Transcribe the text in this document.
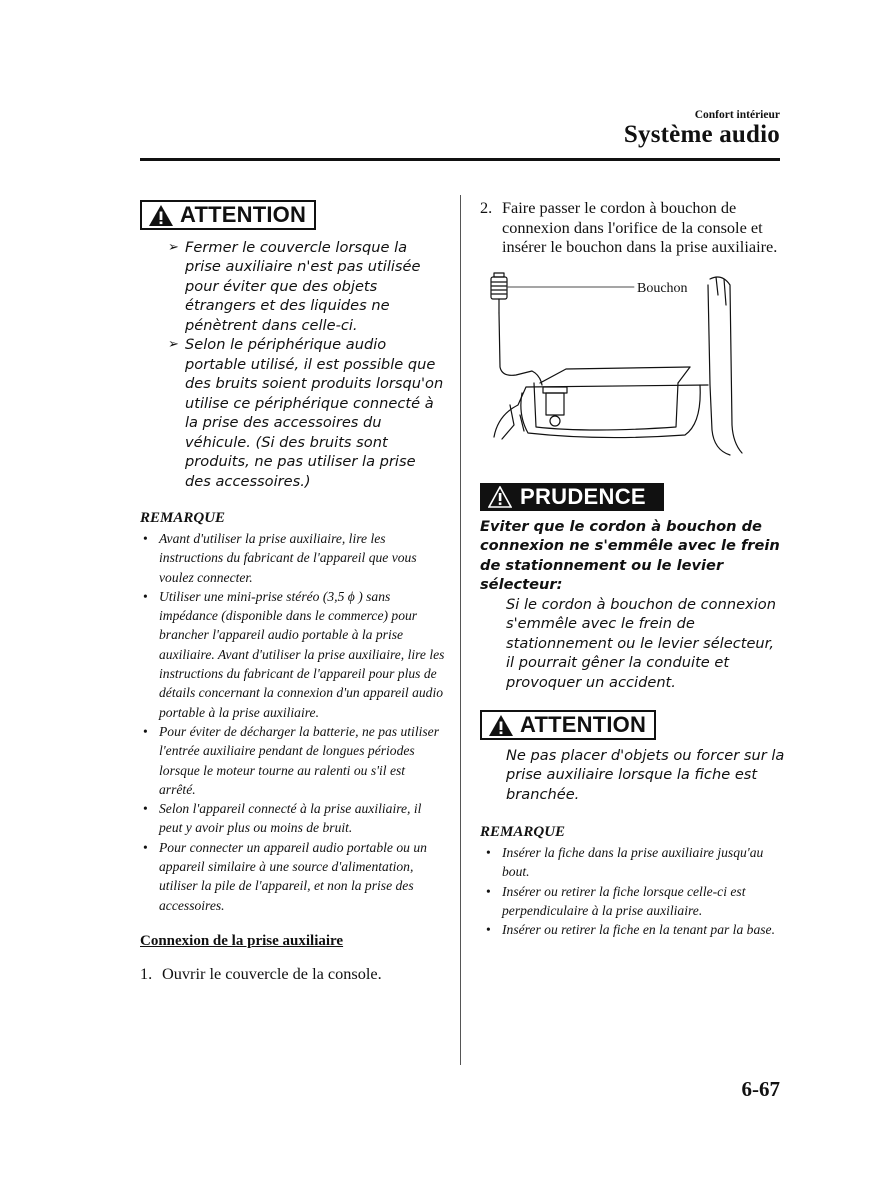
Confort intérieur
Système audio
ATTENTION
➢ Fermer le couvercle lorsque la prise auxiliaire n'est pas utilisée pour éviter que des objets étrangers et des liquides ne pénètrent dans celle-ci.
➢ Selon le périphérique audio portable utilisé, il est possible que des bruits soient produits lorsqu'on utilise ce périphérique connecté à la prise des accessoires du véhicule. (Si des bruits sont produits, ne pas utiliser la prise des accessoires.)

REMARQUE

• Avant d'utiliser la prise auxiliaire, lire les instructions du fabricant de l'appareil que vous voulez connecter.
• Utiliser une mini-prise stéréo (3,5 ϕ ) sans impédance (disponible dans le commerce) pour brancher l'appareil audio portable à la prise auxiliaire. Avant d'utiliser la prise auxiliaire, lire les instructions du fabricant de l'appareil pour plus de détails concernant la connexion d'un appareil audio portable à la prise auxiliaire.
• Pour éviter de décharger la batterie, ne pas utiliser l'entrée auxiliaire pendant de longues périodes lorsque le moteur tourne au ralenti ou s'il est arrêté.
• Selon l'appareil connecté à la prise auxiliaire, il peut y avoir plus ou moins de bruit.
• Pour connecter un appareil audio portable ou un appareil similaire à une source d'alimentation, utiliser la pile de l'appareil, et non la prise des accessoires.

Connexion de la prise auxiliaire

1. Ouvrir le couvercle de la console.

2. Faire passer le cordon à bouchon de connexion dans l'orifice de la console et insérer le bouchon dans la prise auxiliaire.

Bouchon
PRUDENCE

Eviter que le cordon à bouchon de connexion ne s'emmêle avec le frein de stationnement ou le levier sélecteur:

Si le cordon à bouchon de connexion s'emmêle avec le frein de stationnement ou le levier sélecteur, il pourrait gêner la conduite et provoquer un accident.

ATTENTION

Ne pas placer d'objets ou forcer sur la prise auxiliaire lorsque la fiche est branchée.

REMARQUE

• Insérer la fiche dans la prise auxiliaire jusqu'au bout.
• Insérer ou retirer la fiche lorsque celle-ci est perpendiculaire à la prise auxiliaire.
• Insérer ou retirer la fiche en la tenant par la base.
6-67
